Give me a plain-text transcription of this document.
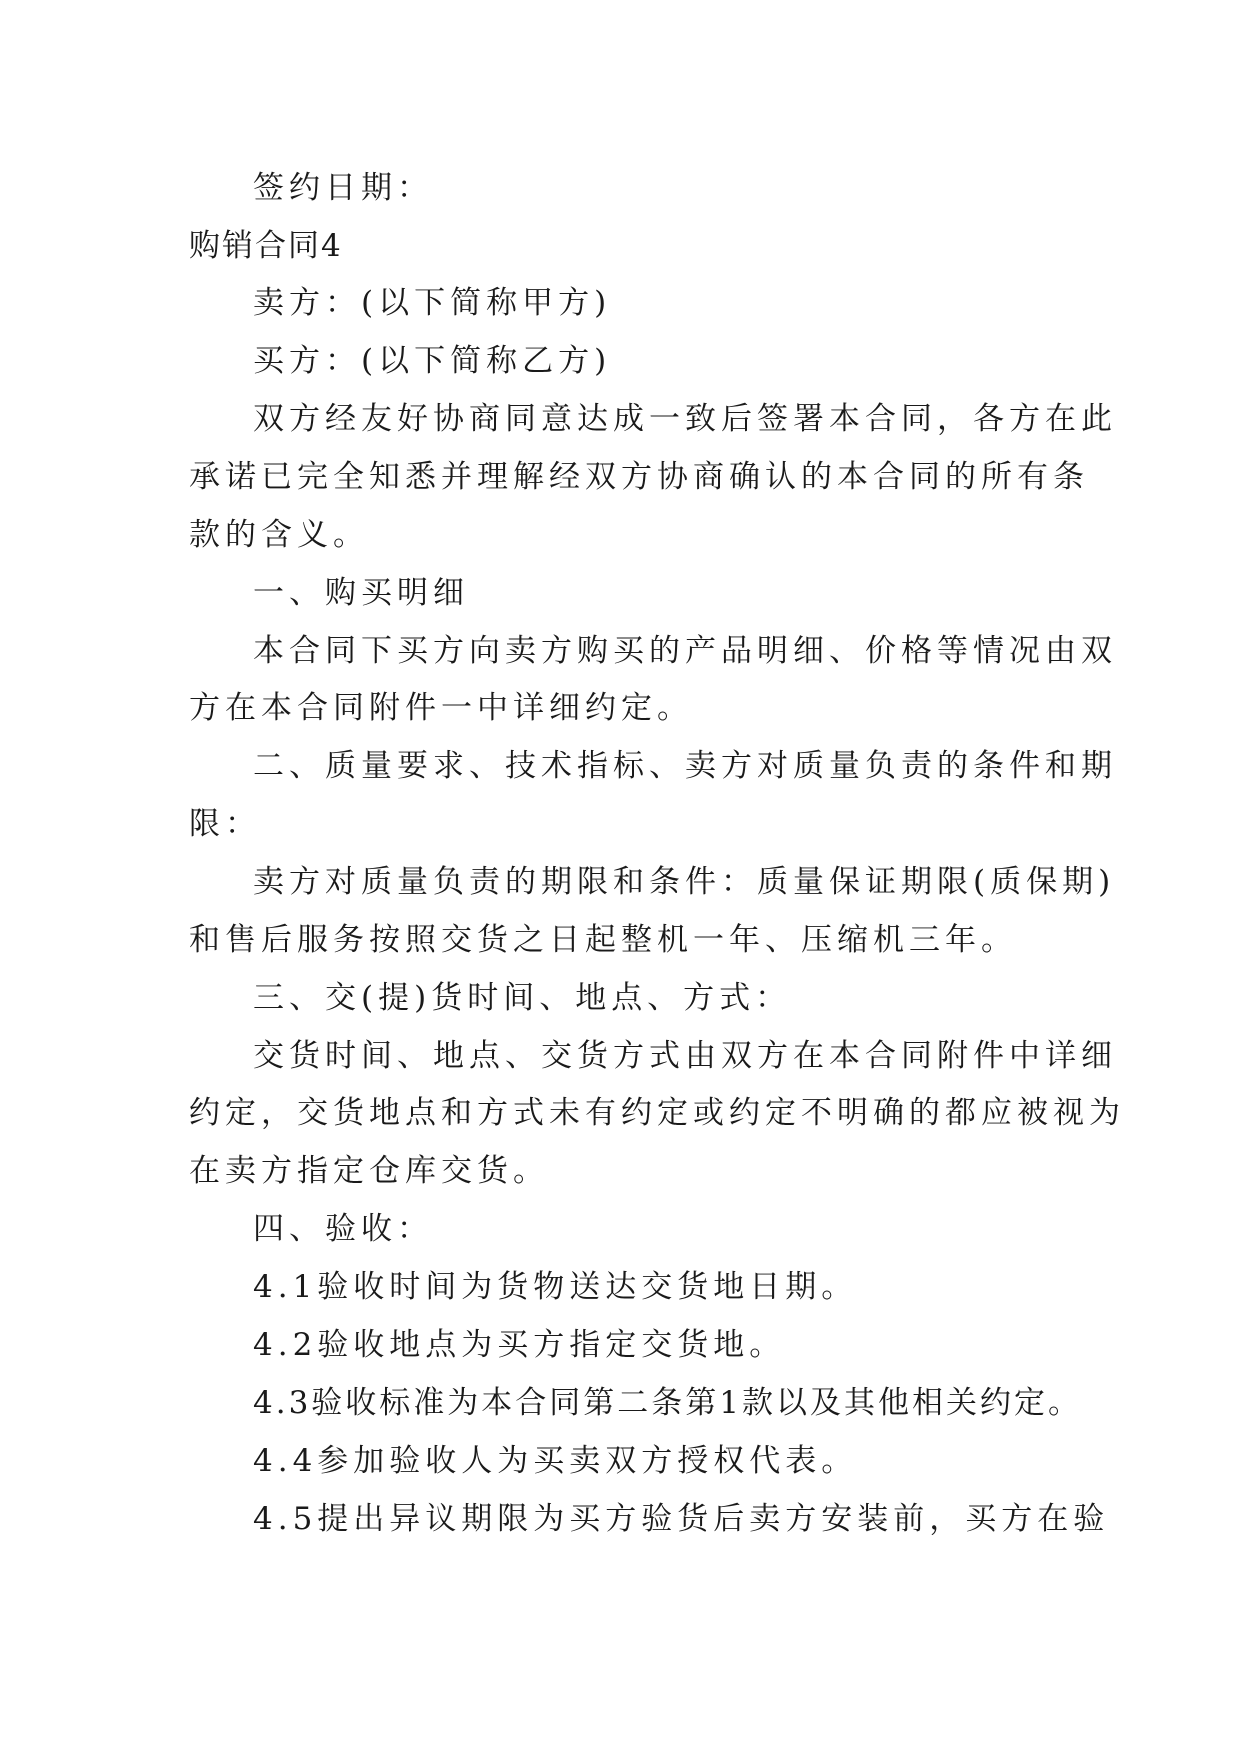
签约日期：
购销合同4
卖方：(以下简称甲方)
买方：(以下简称乙方)
双方经友好协商同意达成一致后签署本合同，各方在此
承诺已完全知悉并理解经双方协商确认的本合同的所有条
款的含义。
一、购买明细
本合同下买方向卖方购买的产品明细、价格等情况由双
方在本合同附件一中详细约定。
二、质量要求、技术指标、卖方对质量负责的条件和期
限：
卖方对质量负责的期限和条件：质量保证期限(质保期)
和售后服务按照交货之日起整机一年、压缩机三年。
三、交(提)货时间、地点、方式：
交货时间、地点、交货方式由双方在本合同附件中详细
约定，交货地点和方式未有约定或约定不明确的都应被视为
在卖方指定仓库交货。
四、验收：
4.1验收时间为货物送达交货地日期。
4.2验收地点为买方指定交货地。
4.3验收标准为本合同第二条第1款以及其他相关约定。
4.4参加验收人为买卖双方授权代表。
4.5提出异议期限为买方验货后卖方安装前，买方在验
